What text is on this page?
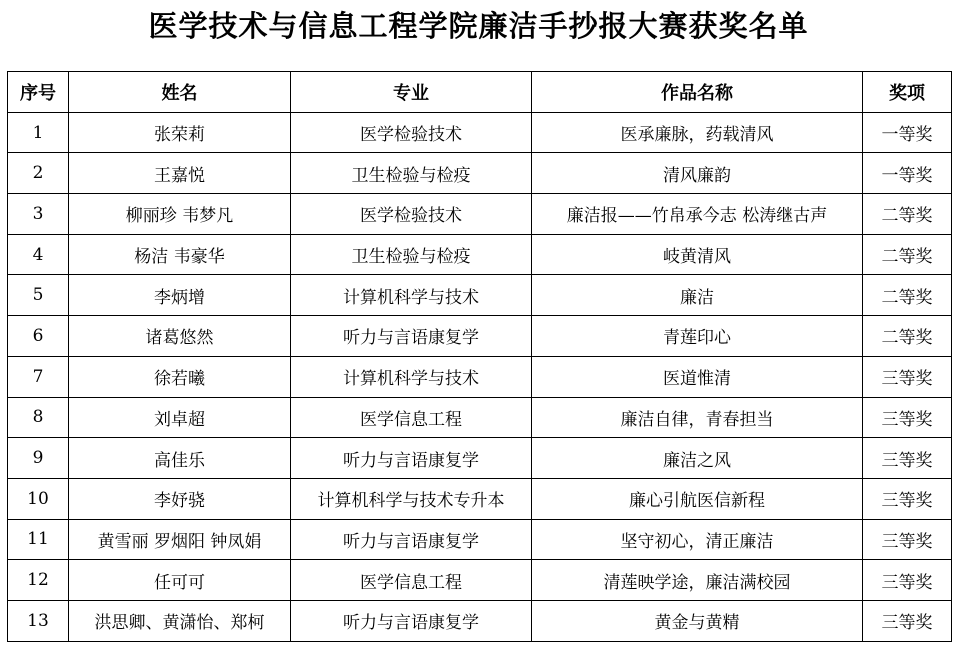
医学技术与信息工程学院廉洁手抄报大赛获奖名单
序号	姓名	专业	作品名称	奖项
1	张荣莉	医学检验技术	医承廉脉，药载清风	一等奖
2	王嘉悦	卫生检验与检疫	清风廉韵	一等奖
3	柳丽珍 韦梦凡	医学检验技术	廉洁报——竹帛承今志 松涛继古声	二等奖
4	杨洁 韦豪华	卫生检验与检疫	岐黄清风	二等奖
5	李炳增	计算机科学与技术	廉洁	二等奖
6	诸葛悠然	听力与言语康复学	青莲印心	二等奖
7	徐若曦	计算机科学与技术	医道惟清	三等奖
8	刘卓超	医学信息工程	廉洁自律，青春担当	三等奖
9	高佳乐	听力与言语康复学	廉洁之风	三等奖
10	李妤骁	计算机科学与技术专升本	廉心引航医信新程	三等奖
11	黄雪丽 罗烟阳 钟凤娟	听力与言语康复学	坚守初心，清正廉洁	三等奖
12	任可可	医学信息工程	清莲映学途，廉洁满校园	三等奖
13	洪思卿、黄潇怡、郑柯	听力与言语康复学	黄金与黄精	三等奖
